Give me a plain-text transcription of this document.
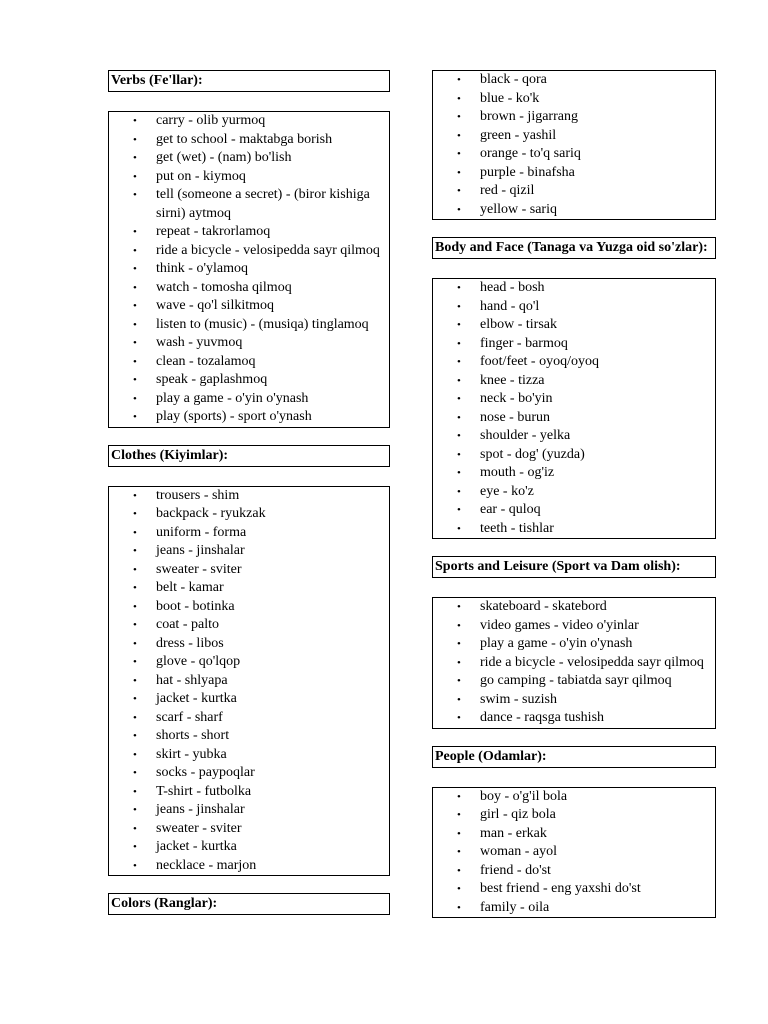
Verbs (Fe'llar):
• carry - olib yurmoq
• get to school - maktabga borish
• get (wet) - (nam) bo'lish
• put on - kiymoq
• tell (someone a secret) - (biror kishiga sirni) aytmoq
• repeat - takrorlamoq
• ride a bicycle - velosipedda sayr qilmoq
• think - o'ylamoq
• watch - tomosha qilmoq
• wave - qo'l silkitmoq
• listen to (music) - (musiqa) tinglamoq
• wash - yuvmoq
• clean - tozalamoq
• speak - gaplashmoq
• play a game - o'yin o'ynash
• play (sports) - sport o'ynash
Clothes (Kiyimlar):
• trousers - shim
• backpack - ryukzak
• uniform - forma
• jeans - jinshalar
• sweater - sviter
• belt - kamar
• boot - botinka
• coat - palto
• dress - libos
• glove - qo'lqop
• hat - shlyapa
• jacket - kurtka
• scarf - sharf
• shorts - short
• skirt - yubka
• socks - paypoqlar
• T-shirt - futbolka
• jeans - jinshalar
• sweater - sviter
• jacket - kurtka
• necklace - marjon
Colors (Ranglar):
• black - qora
• blue - ko'k
• brown - jigarrang
• green - yashil
• orange - to'q sariq
• purple - binafsha
• red - qizil
• yellow - sariq
Body and Face (Tanaga va Yuzga oid so'zlar):
• head - bosh
• hand - qo'l
• elbow - tirsak
• finger - barmoq
• foot/feet - oyoq/oyoq
• knee - tizza
• neck - bo'yin
• nose - burun
• shoulder - yelka
• spot - dog' (yuzda)
• mouth - og'iz
• eye - ko'z
• ear - quloq
• teeth - tishlar
Sports and Leisure (Sport va Dam olish):
• skateboard - skatebord
• video games - video o'yinlar
• play a game - o'yin o'ynash
• ride a bicycle - velosipedda sayr qilmoq
• go camping - tabiatda sayr qilmoq
• swim - suzish
• dance - raqsga tushish
People (Odamlar):
• boy - o'g'il bola
• girl - qiz bola
• man - erkak
• woman - ayol
• friend - do'st
• best friend - eng yaxshi do'st
• family - oila
